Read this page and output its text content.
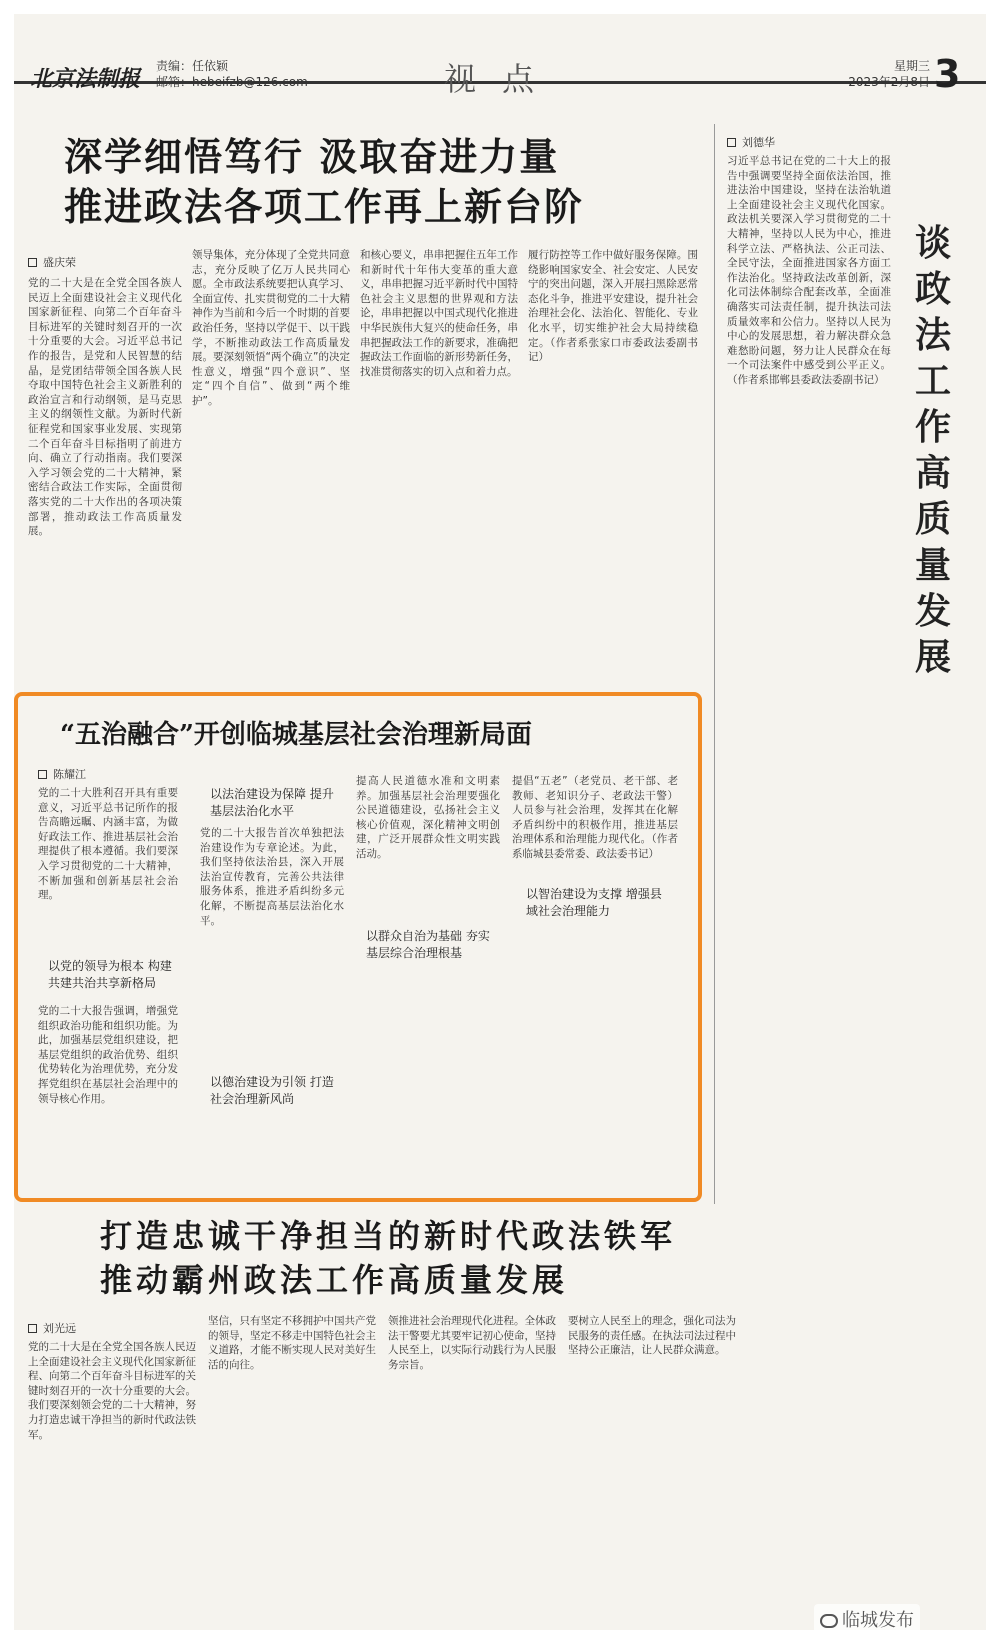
北京法制报 责编：任依颖
邮箱：hebeifzb@126.com	视点	星期三
2023年2月8日 3
深学细悟笃行 汲取奋进力量
推进政法各项工作再上新台阶
盛庆荣
党的二十大是在全党全国各族人民迈上全面建设社会主义现代化国家新征程、向第二个百年奋斗目标进军的关键时刻召开的一次十分重要的大会。习近平总书记作的报告，是党和人民智慧的结晶，是党团结带领全国各族人民夺取中国特色社会主义新胜利的政治宣言和行动纲领，是马克思主义的纲领性文献。为新时代新征程党和国家事业发展、实现第二个百年奋斗目标指明了前进方向、确立了行动指南。我们要深入学习领会党的二十大精神，紧密结合政法工作实际，全面贯彻落实党的二十大作出的各项决策部署，推动政法工作高质量发展。
领导集体，充分体现了全党共同意志，充分反映了亿万人民共同心愿。全市政法系统要把认真学习、全面宣传、扎实贯彻党的二十大精神作为当前和今后一个时期的首要政治任务，坚持以学促干、以干践学，不断推动政法工作高质量发展。要深刻领悟“两个确立”的决定性意义，增强“四个意识”、坚定“四个自信”、做到“两个维护”。
和核心要义，串串把握住五年工作和新时代十年伟大变革的重大意义，串串把握习近平新时代中国特色社会主义思想的世界观和方法论，串串把握以中国式现代化推进中华民族伟大复兴的使命任务，串串把握政法工作的新要求，准确把握政法工作面临的新形势新任务，找准贯彻落实的切入点和着力点。
履行防控等工作中做好服务保障。围绕影响国家安全、社会安定、人民安宁的突出问题，深入开展扫黑除恶常态化斗争，推进平安建设，提升社会治理社会化、法治化、智能化、专业化水平，切实维护社会大局持续稳定。（作者系张家口市委政法委副书记）
刘德华
习近平总书记在党的二十大上的报告中强调要坚持全面依法治国，推进法治中国建设，坚持在法治轨道上全面建设社会主义现代化国家。政法机关要深入学习贯彻党的二十大精神，坚持以人民为中心，推进科学立法、严格执法、公正司法、全民守法，全面推进国家各方面工作法治化。坚持政法改革创新，深化司法体制综合配套改革，全面准确落实司法责任制，提升执法司法质量效率和公信力。坚持以人民为中心的发展思想，着力解决群众急难愁盼问题，努力让人民群众在每一个司法案件中感受到公平正义。（作者系邯郸县委政法委副书记）
谈政法工作高质量发展
“五治融合”开创临城基层社会治理新局面
陈耀江
党的二十大胜利召开具有重要意义，习近平总书记所作的报告高瞻远瞩、内涵丰富，为做好政法工作、推进基层社会治理提供了根本遵循。我们要深入学习贯彻党的二十大精神，不断加强和创新基层社会治理。
以党的领导为根本 构建共建共治共享新格局
党的二十大报告强调，增强党组织政治功能和组织功能。为此，加强基层党组织建设，把基层党组织的政治优势、组织优势转化为治理优势，充分发挥党组织在基层社会治理中的领导核心作用。
以法治建设为保障 提升基层法治化水平
党的二十大报告首次单独把法治建设作为专章论述。为此，我们坚持依法治县，深入开展法治宣传教育，完善公共法律服务体系，推进矛盾纠纷多元化解，不断提高基层法治化水平。
以德治建设为引领 打造社会治理新风尚
提高人民道德水准和文明素养。加强基层社会治理要强化公民道德建设，弘扬社会主义核心价值观，深化精神文明创建，广泛开展群众性文明实践活动。
以群众自治为基础 夯实基层综合治理根基
提倡“五老”（老党员、老干部、老教师、老知识分子、老政法干警）人员参与社会治理，发挥其在化解矛盾纠纷中的积极作用，推进基层治理体系和治理能力现代化。（作者系临城县委常委、政法委书记）
以智治建设为支撑 增强县域社会治理能力
打造忠诚干净担当的新时代政法铁军
推动霸州政法工作高质量发展
刘光远
党的二十大是在全党全国各族人民迈上全面建设社会主义现代化国家新征程、向第二个百年奋斗目标进军的关键时刻召开的一次十分重要的大会。我们要深刻领会党的二十大精神，努力打造忠诚干净担当的新时代政法铁军。
坚信，只有坚定不移拥护中国共产党的领导，坚定不移走中国特色社会主义道路，才能不断实现人民对美好生活的向往。
领推进社会治理现代化进程。全体政法干警要尤其要牢记初心使命，坚持人民至上，以实际行动践行为人民服务宗旨。
要树立人民至上的理念，强化司法为民服务的责任感。在执法司法过程中坚持公正廉洁，让人民群众满意。
临城发布
